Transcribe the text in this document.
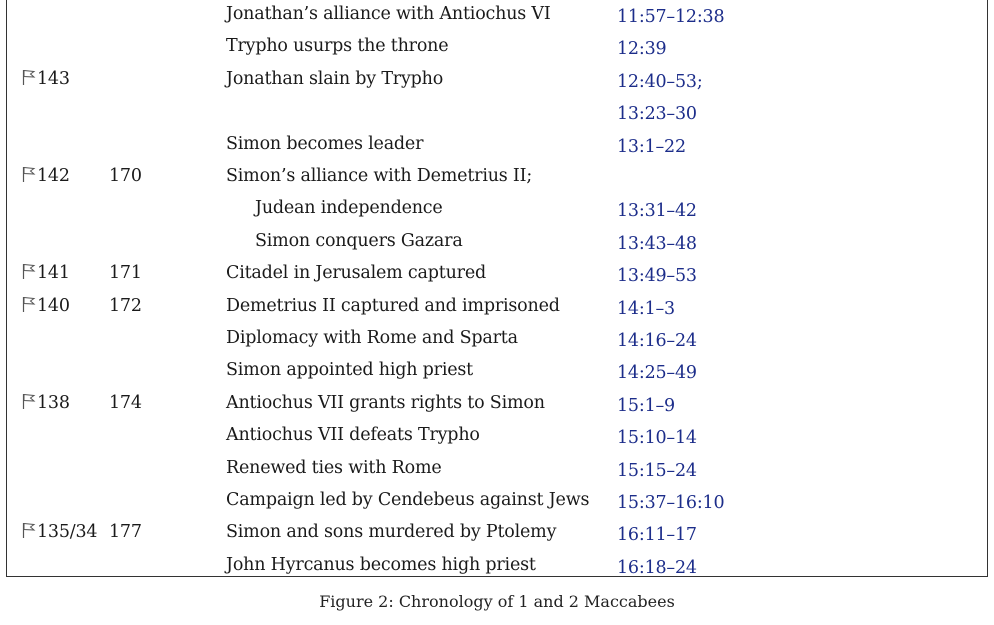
Jonathan’s alliance with Antiochus VI	11:57–12:38
Trypho usurps the throne	12:39
143	Jonathan slain by Trypho	12:40–53;
13:23–30
Simon becomes leader	13:1–22
142 170	Simon’s alliance with Demetrius II;
Judean independence	13:31–42
Simon conquers Gazara	13:43–48
141 171	Citadel in Jerusalem captured	13:49–53
140 172	Demetrius II captured and imprisoned	14:1–3
Diplomacy with Rome and Sparta	14:16–24
Simon appointed high priest	14:25–49
138 174	Antiochus VII grants rights to Simon	15:1–9
Antiochus VII defeats Trypho	15:10–14
Renewed ties with Rome	15:15–24
Campaign led by Cendebeus against Jews 15:37–16:10
135/34 177	Simon and sons murdered by Ptolemy	16:11–17
John Hyrcanus becomes high priest	16:18–24
Figure 2: Chronology of 1 and 2 Maccabees
